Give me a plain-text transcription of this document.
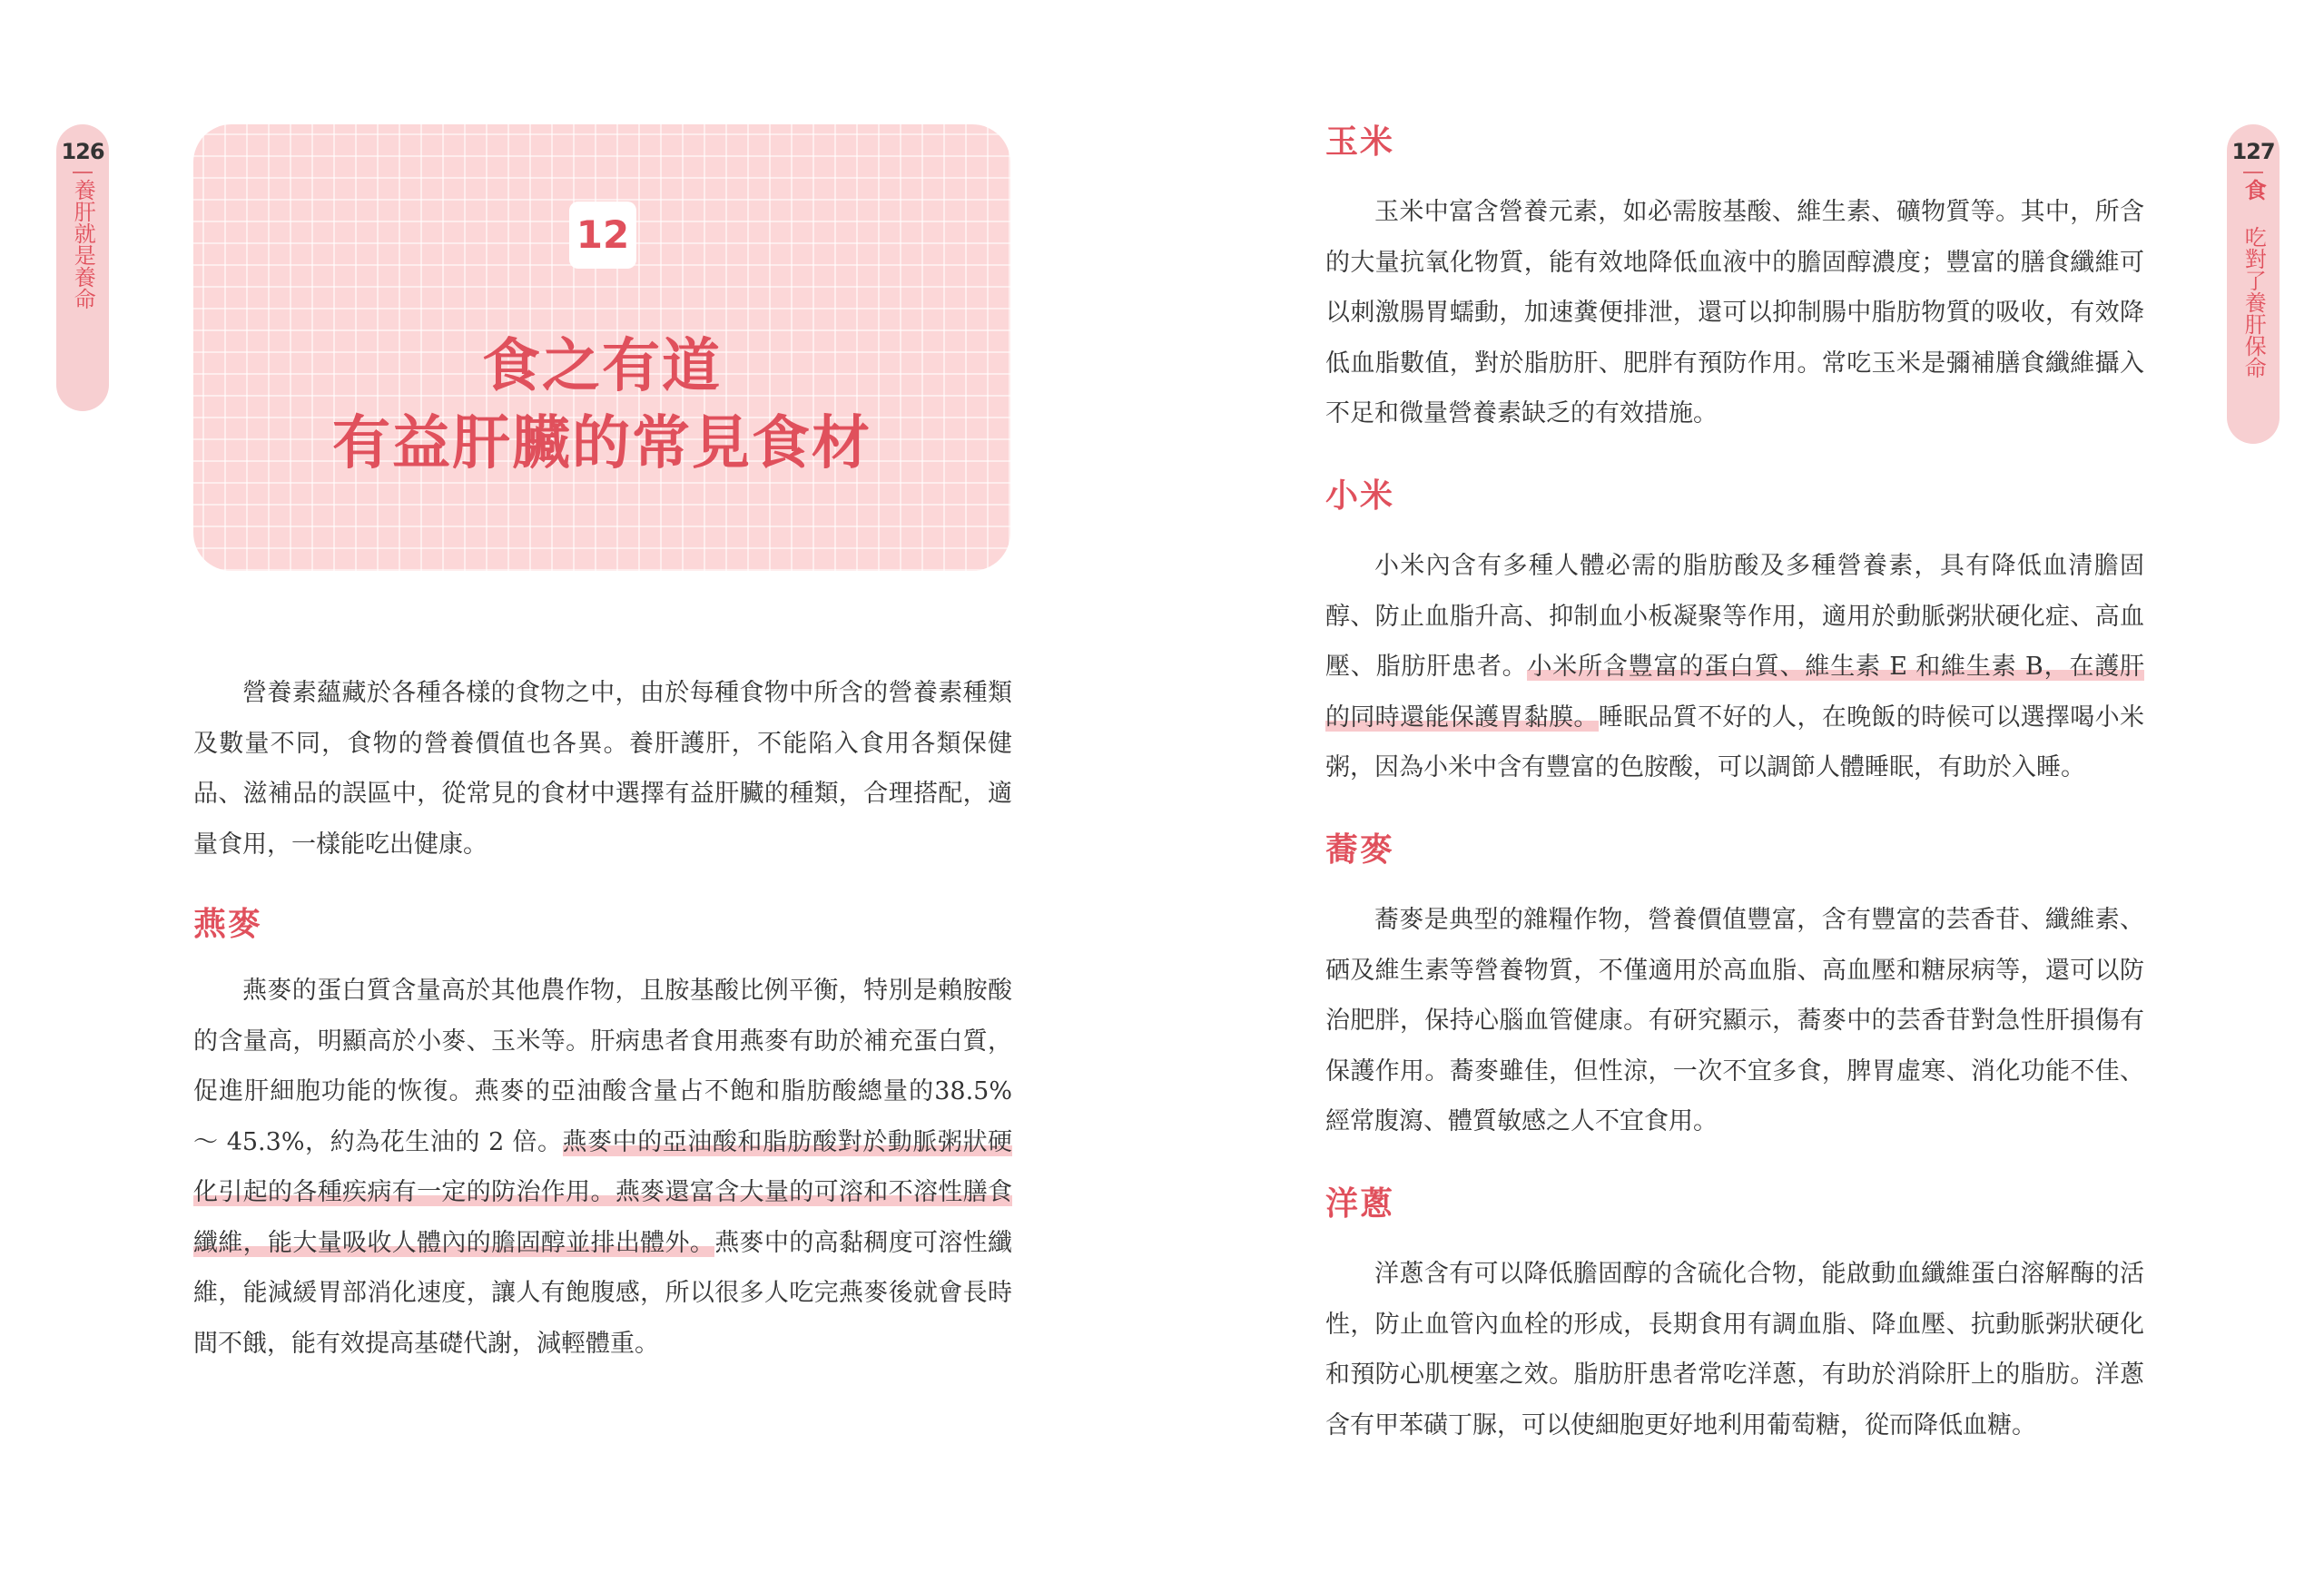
126
養肝就是養命	12
食之有道
有益肝臟的常見食材

營養素蘊藏於各種各樣的食物之中，由於每種食物中所含的營養素種類及數量不同，食物的營養價值也各異。養肝護肝，不能陷入食用各類保健品、滋補品的誤區中，從常見的食材中選擇有益肝臟的種類，合理搭配，適量食用，一樣能吃出健康。

燕麥

燕麥的蛋白質含量高於其他農作物，且胺基酸比例平衡，特別是賴胺酸的含量高，明顯高於小麥、玉米等。肝病患者食用燕麥有助於補充蛋白質，促進肝細胞功能的恢復。燕麥的亞油酸含量占不飽和脂肪酸總量的38.5% ～ 45.3%，約為花生油的 2 倍。燕麥中的亞油酸和脂肪酸對於動脈粥狀硬化引起的各種疾病有一定的防治作用。燕麥還富含大量的可溶和不溶性膳食纖維，能大量吸收人體內的膽固醇並排出體外。燕麥中的高黏稠度可溶性纖維，能減緩胃部消化速度，讓人有飽腹感，所以很多人吃完燕麥後就會長時間不餓，能有效提高基礎代謝，減輕體重。

127
食
吃對了養肝保命
玉米

玉米中富含營養元素，如必需胺基酸、維生素、礦物質等。其中，所含的大量抗氧化物質，能有效地降低血液中的膽固醇濃度；豐富的膳食纖維可以刺激腸胃蠕動，加速糞便排泄，還可以抑制腸中脂肪物質的吸收，有效降低血脂數值，對於脂肪肝、肥胖有預防作用。常吃玉米是彌補膳食纖維攝入不足和微量營養素缺乏的有效措施。

小米

小米內含有多種人體必需的脂肪酸及多種營養素，具有降低血清膽固醇、防止血脂升高、抑制血小板凝聚等作用，適用於動脈粥狀硬化症、高血壓、脂肪肝患者。小米所含豐富的蛋白質、維生素 E 和維生素 B，在護肝的同時還能保護胃黏膜。睡眠品質不好的人，在晚飯的時候可以選擇喝小米粥，因為小米中含有豐富的色胺酸，可以調節人體睡眠，有助於入睡。

蕎麥

蕎麥是典型的雜糧作物，營養價值豐富，含有豐富的芸香苷、纖維素、硒及維生素等營養物質，不僅適用於高血脂、高血壓和糖尿病等，還可以防治肥胖，保持心腦血管健康。有研究顯示，蕎麥中的芸香苷對急性肝損傷有保護作用。蕎麥雖佳，但性涼，一次不宜多食，脾胃虛寒、消化功能不佳、經常腹瀉、體質敏感之人不宜食用。

洋蔥

洋蔥含有可以降低膽固醇的含硫化合物，能啟動血纖維蛋白溶解酶的活性，防止血管內血栓的形成，長期食用有調血脂、降血壓、抗動脈粥狀硬化和預防心肌梗塞之效。脂肪肝患者常吃洋蔥，有助於消除肝上的脂肪。洋蔥含有甲苯磺丁脲，可以使細胞更好地利用葡萄糖，從而降低血糖。
